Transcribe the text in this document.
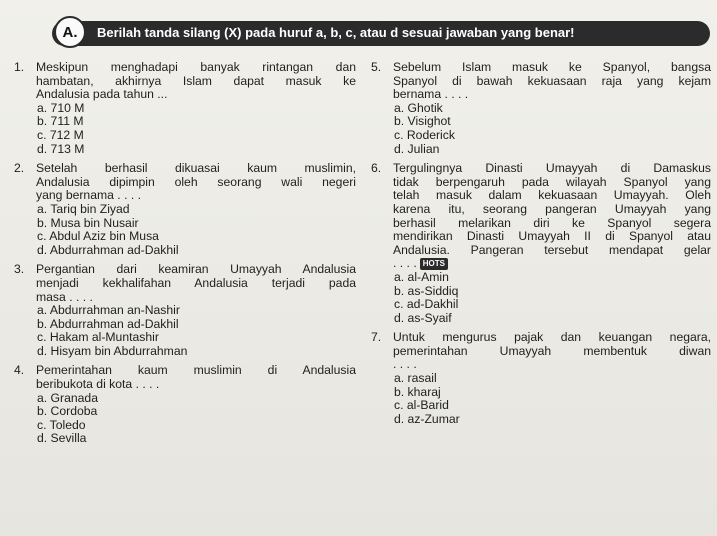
A.	Berilah tanda silang (X) pada huruf a, b, c, atau d sesuai jawaban yang benar!
1. Meskipun menghadapi banyak rintangan dan
hambatan, akhirnya Islam dapat masuk ke
Andalusia pada tahun ...
a. 710 M
b. 711 M
c. 712 M
d. 713 M
2. Setelah berhasil dikuasai kaum muslimin,
Andalusia dipimpin oleh seorang wali negeri
yang bernama . . . .
a. Tariq bin Ziyad
b. Musa bin Nusair
c. Abdul Aziz bin Musa
d. Abdurrahman ad-Dakhil
3. Pergantian dari keamiran Umayyah Andalusia
menjadi kekhalifahan Andalusia terjadi pada
masa . . . .
a. Abdurrahman an-Nashir
b. Abdurrahman ad-Dakhil
c. Hakam al-Muntashir
d. Hisyam bin Abdurrahman
4. Pemerintahan kaum muslimin di Andalusia
beribukota di kota . . . .
a. Granada
b. Cordoba
c. Toledo
d. Sevilla
5. Sebelum Islam masuk ke Spanyol, bangsa
Spanyol di bawah kekuasaan raja yang kejam
bernama . . . .
a. Ghotik
b. Visighot
c. Roderick
d. Julian
6. Tergulingnya Dinasti Umayyah di Damaskus
tidak berpengaruh pada wilayah Spanyol yang
telah masuk dalam kekuasaan Umayyah. Oleh
karena itu, seorang pangeran Umayyah yang
berhasil melarikan diri ke Spanyol segera
mendirikan Dinasti Umayyah II di Spanyol atau
Andalusia. Pangeran tersebut mendapat gelar
. . . . HOTS
a. al-Amin
b. as-Siddiq
c. ad-Dakhil
d. as-Syaif
7. Untuk mengurus pajak dan keuangan negara,
pemerintahan Umayyah membentuk diwan
. . . .
a. rasail
b. kharaj
c. al-Barid
d. az-Zumar
